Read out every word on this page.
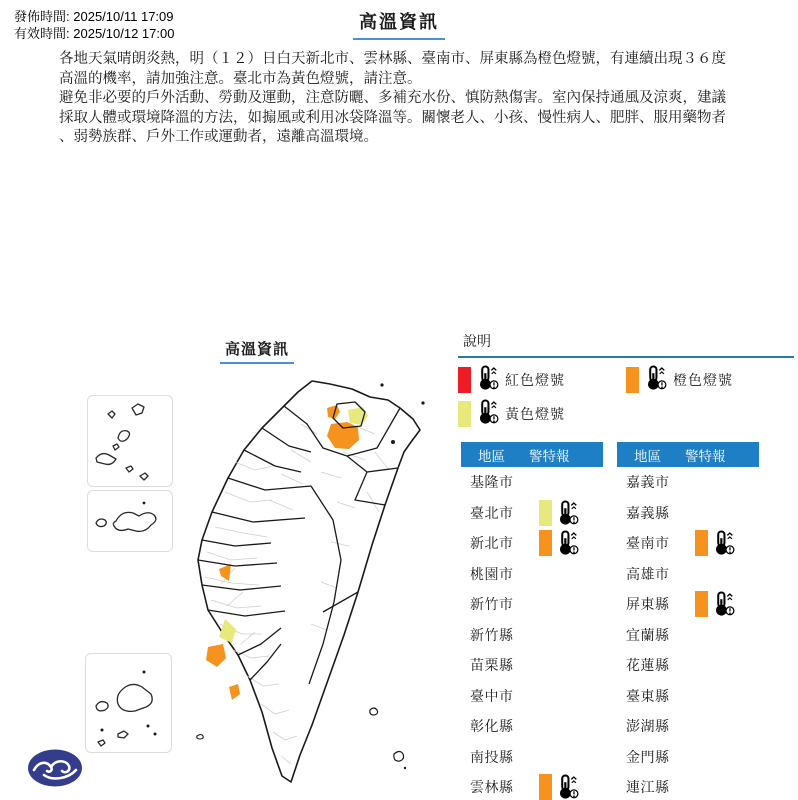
發佈時間: 2025/10/11 17:09
有效時間: 2025/10/12 17:00
高溫資訊
各地天氣晴朗炎熱，明（１２）日白天新北市、雲林縣、臺南市、屏東縣為橙色燈號，有連續出現３６度
高溫的機率，請加強注意。臺北市為黃色燈號，請注意。
避免非必要的戶外活動、勞動及運動，注意防曬、多補充水份、慎防熱傷害。室內保持通風及涼爽，建議
採取人體或環境降溫的方法，如搧風或利用冰袋降溫等。關懷老人、小孩、慢性病人、肥胖、服用藥物者
、弱勢族群、戶外工作或運動者，遠離高溫環境。
高溫資訊	說明
紅色燈號	橙色燈號
黃色燈號
地區 警特報
基隆市
臺北市
新北市
桃園市
新竹市
新竹縣
苗栗縣
臺中市
彰化縣
南投縣
雲林縣
地區 警特報
嘉義市
嘉義縣
臺南市
高雄市
屏東縣
宜蘭縣
花蓮縣
臺東縣
澎湖縣
金門縣
連江縣
